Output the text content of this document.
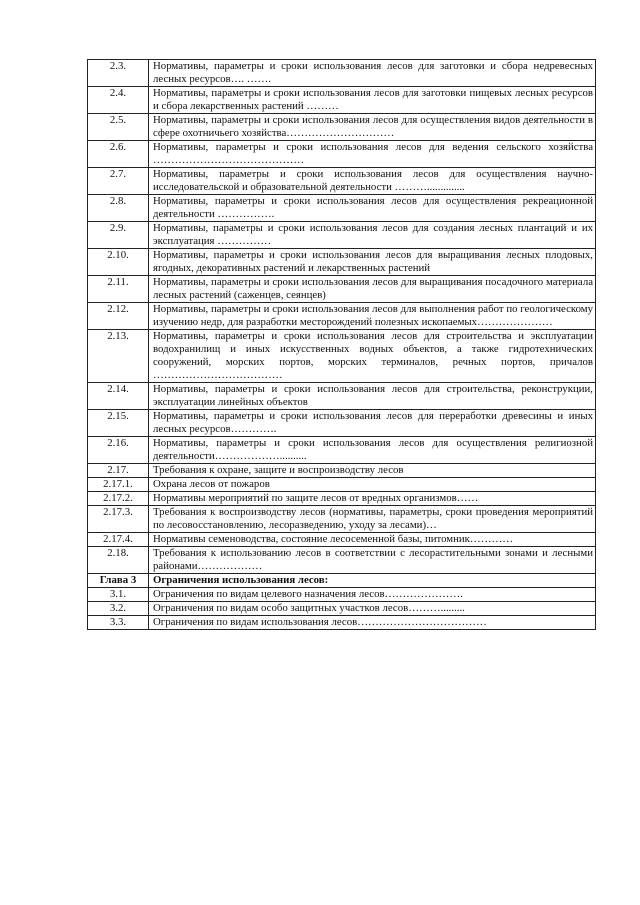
2.3.	Нормативы, параметры и сроки использования лесов для заготовки и сбора недревесных лесных ресурсов…. …….
2.4.	Нормативы, параметры и сроки использования лесов для заготовки пищевых лесных ресурсов и сбора лекарственных растений ………
2.5.	Нормативы, параметры и сроки использования лесов для осуществления видов деятельности в сфере охотничьего хозяйства…………………………
2.6.	Нормативы, параметры и сроки использования лесов для ведения сельского хозяйства ……………………………………
2.7.	Нормативы, параметры и сроки использования лесов для осуществления научно-исследовательской и образовательной деятельности ………..............
2.8.	Нормативы, параметры и сроки использования лесов для осуществления рекреационной деятельности …………….
2.9.	Нормативы, параметры и сроки использования лесов для создания лесных плантаций и их эксплуатация ……………
2.10.	Нормативы, параметры и сроки использования лесов для выращивания лесных плодовых, ягодных, декоративных растений и лекарственных растений
2.11.	Нормативы, параметры и сроки использования лесов для выращивания посадочного материала лесных растений (саженцев, сеянцев)
2.12.	Нормативы, параметры и сроки использования лесов для выполнения работ по геологическому изучению недр, для разработки месторождений полезных ископаемых…………………
2.13.	Нормативы, параметры и сроки использования лесов для строительства и эксплуатации водохранилищ и иных искусственных водных объектов, а также гидротехнических сооружений, морских портов, морских терминалов, речных портов, причалов ………………………………
2.14.	Нормативы, параметры и сроки использования лесов для строительства, реконструкции, эксплуатации линейных объектов
2.15.	Нормативы, параметры и сроки использования лесов для переработки древесины и иных лесных ресурсов………….
2.16.	Нормативы, параметры и сроки использования лесов для осуществления религиозной деятельности………………..........
2.17.	Требования к охране, защите и воспроизводству лесов
2.17.1.	Охрана лесов от пожаров
2.17.2.	Нормативы мероприятий по защите лесов от вредных организмов……
2.17.3.	Требования к воспроизводству лесов (нормативы, параметры, сроки проведения мероприятий по лесовосстановлению, лесоразведению, уходу за лесами)…
2.17.4.	Нормативы семеноводства, состояние лесосеменной базы, питомник…………
2.18.	Требования к использованию лесов в соответствии с лесорастительными зонами и лесными районами………………
Глава 3	Ограничения использования лесов:
3.1.	Ограничения по видам целевого назначения лесов………………….
3.2.	Ограничения по видам особо защитных участков лесов……….........
3.3.	Ограничения по видам использования лесов………………………………
